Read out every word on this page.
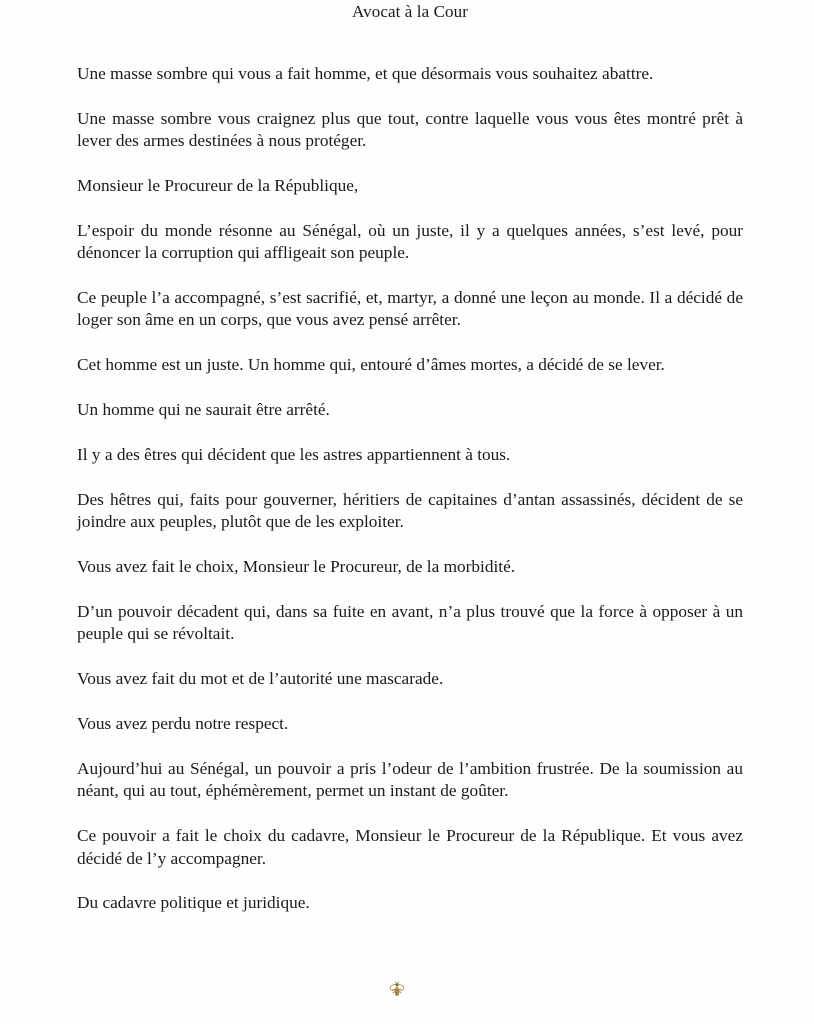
Avocat à la Cour

Une masse sombre qui vous a fait homme, et que désormais vous souhaitez abattre.

Une masse sombre vous craignez plus que tout, contre laquelle vous vous êtes montré prêt à lever des armes destinées à nous protéger.

Monsieur le Procureur de la République,

L’espoir du monde résonne au Sénégal, où un juste, il y a quelques années, s’est levé, pour dénoncer la corruption qui affligeait son peuple.

Ce peuple l’a accompagné, s’est sacrifié, et, martyr, a donné une leçon au monde. Il a décidé de loger son âme en un corps, que vous avez pensé arrêter.

Cet homme est un juste. Un homme qui, entouré d’âmes mortes, a décidé de se lever.

Un homme qui ne saurait être arrêté.

Il y a des êtres qui décident que les astres appartiennent à tous.

Des hêtres qui, faits pour gouverner, héritiers de capitaines d’antan assassinés, décident de se joindre aux peuples, plutôt que de les exploiter.

Vous avez fait le choix, Monsieur le Procureur, de la morbidité.

D’un pouvoir décadent qui, dans sa fuite en avant, n’a plus trouvé que la force à opposer à un peuple qui se révoltait.

Vous avez fait du mot et de l’autorité une mascarade.

Vous avez perdu notre respect.

Aujourd’hui au Sénégal, un pouvoir a pris l’odeur de l’ambition frustrée. De la soumission au néant, qui au tout, éphémèrement, permet un instant de goûter.

Ce pouvoir a fait le choix du cadavre, Monsieur le Procureur de la République. Et vous avez décidé de l’y accompagner.

Du cadavre politique et juridique.
